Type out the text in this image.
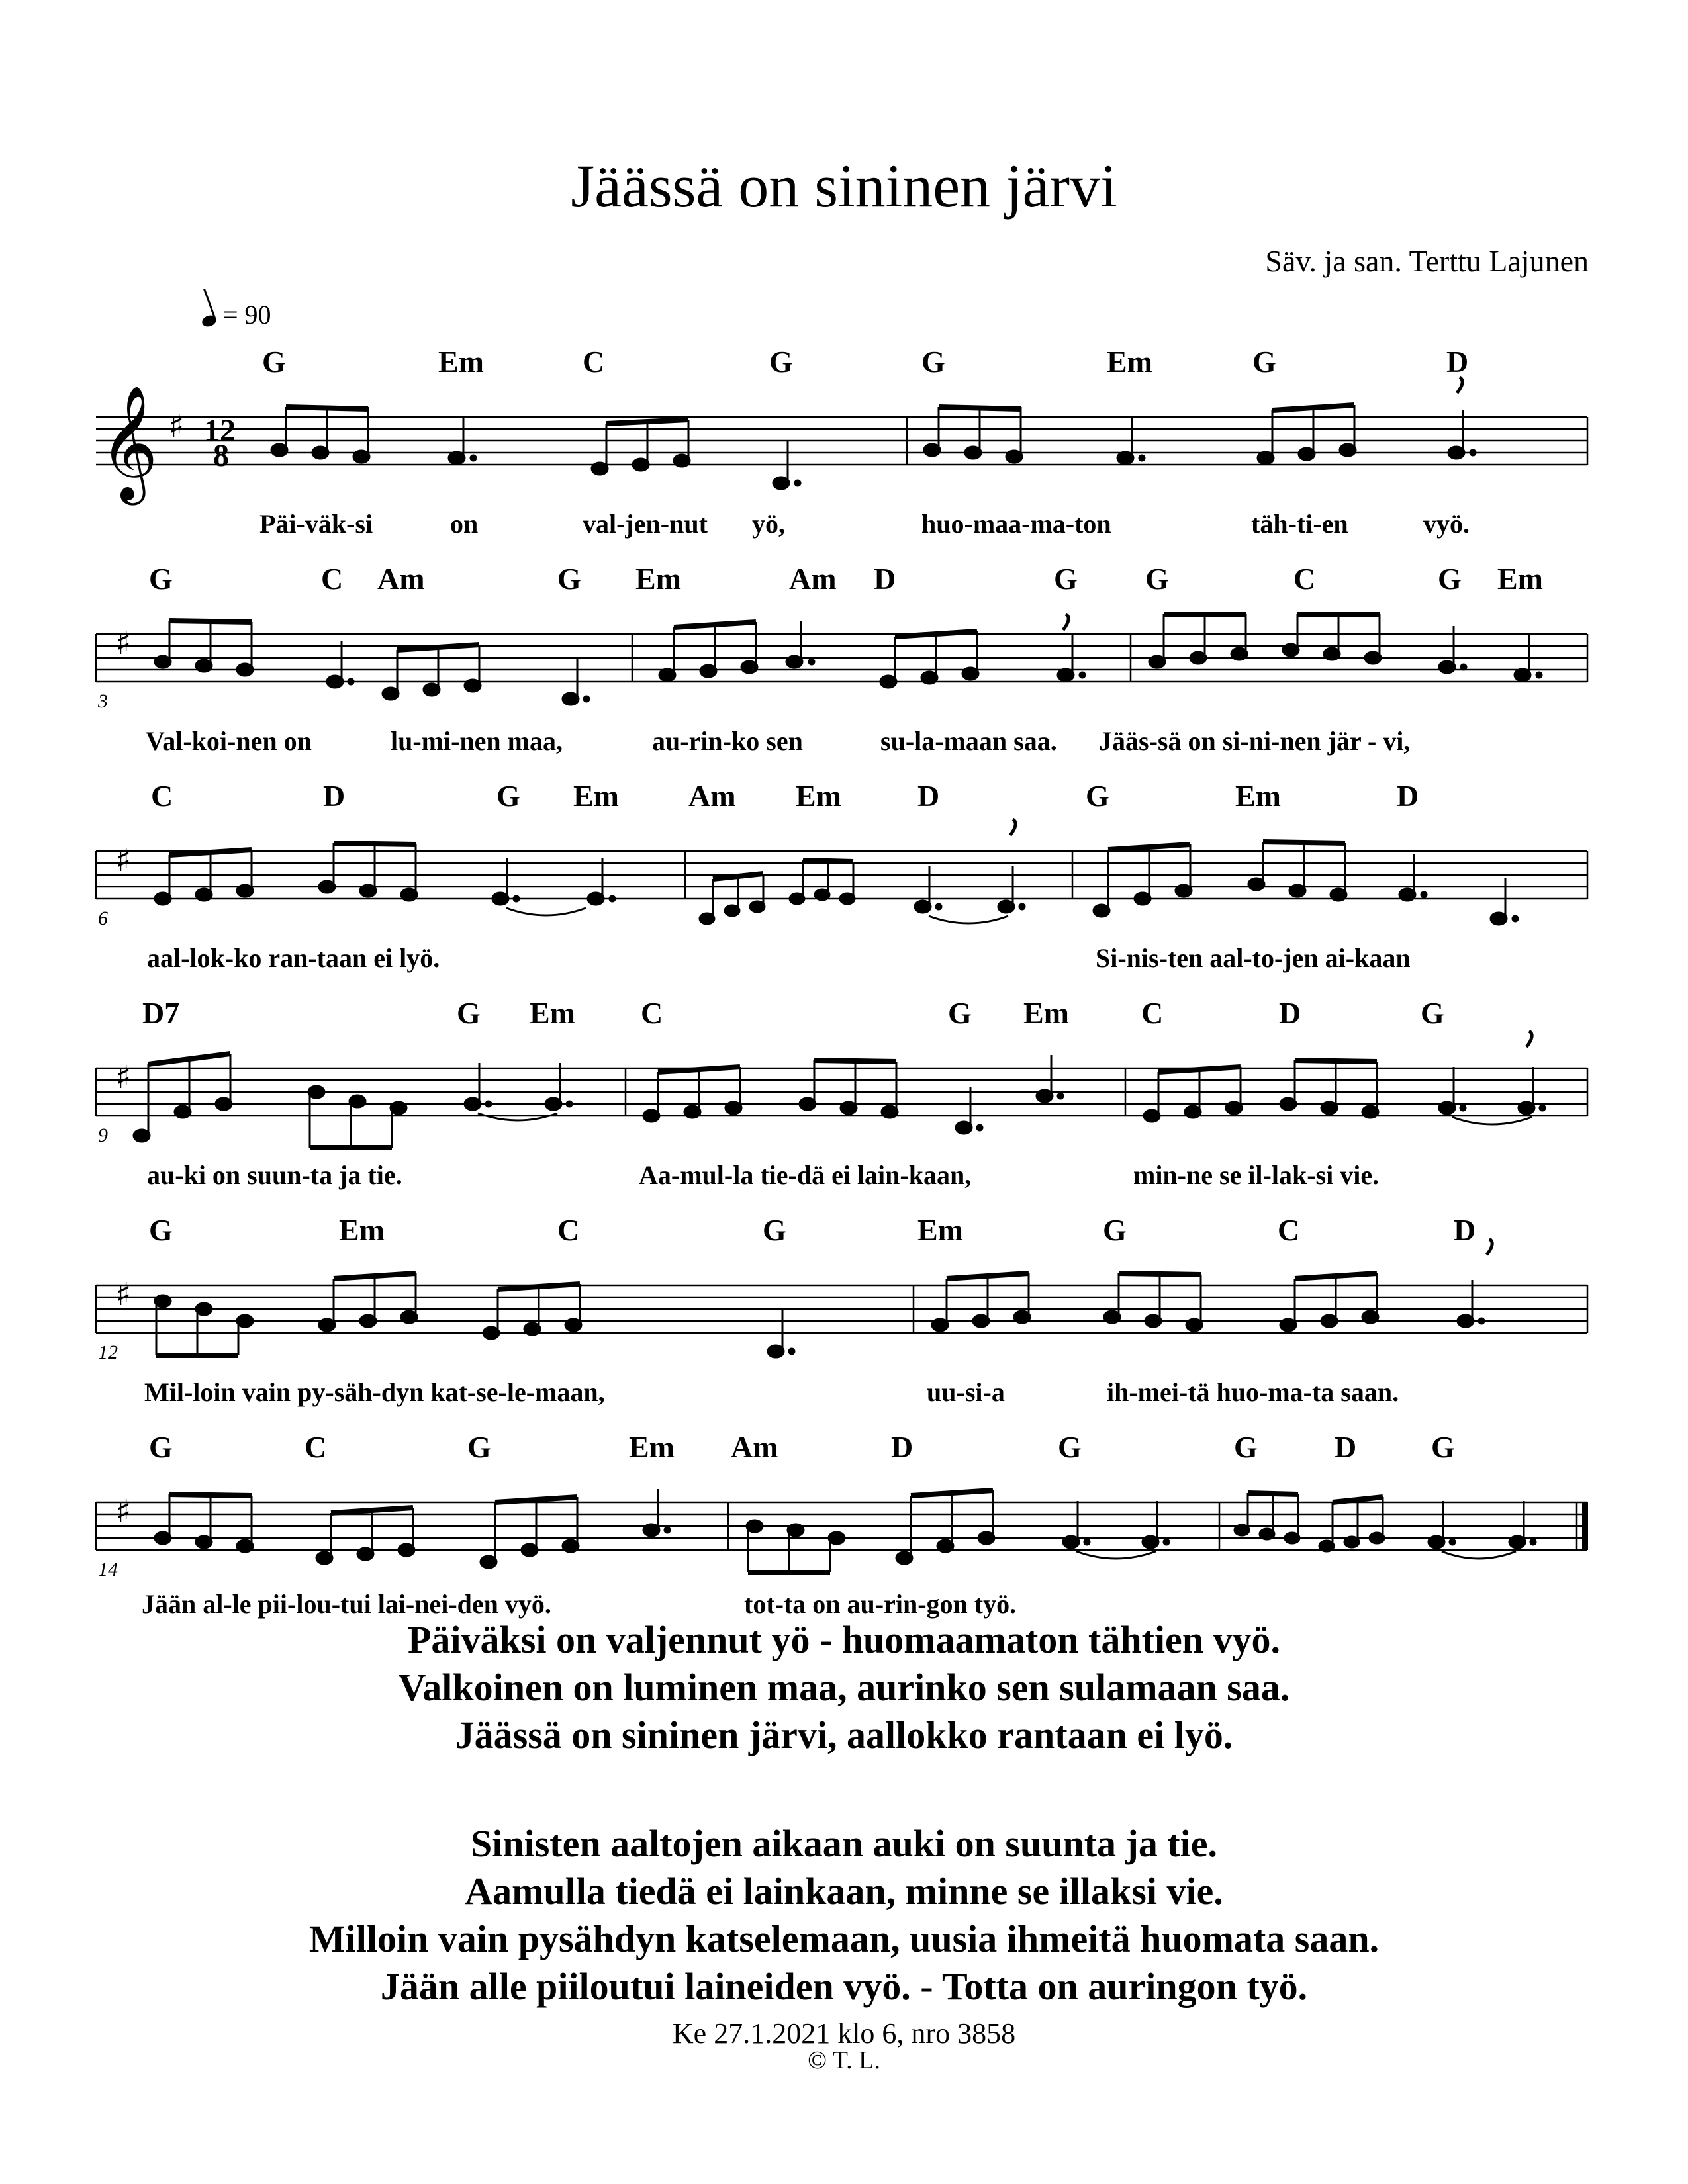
Jäässä on sininen järvi
Säv. ja san. Terttu Lajunen
= 90
G	Em	C	G	G	Em	G	D
𝄞 ♯ 12
8
Päi-väk-si	on	val-jen-nut yö,	huo-maa-ma-ton	täh-ti-en	vyö.
G	C Am	G Em	Am D	G G	C	G Em
♯
3
Val-koi-nen on	lu-mi-nen maa,	au-rin-ko sen	su-la-maan saa. Jääs-sä on si-ni-nen jär - vi,
C	D	G Em Am Em	D	G	Em	D
♯
6
aal-lok-ko ran-taan ei lyö.	Si-nis-ten aal-to-jen ai-kaan
D7	G Em C	G Em C	D	G
♯
9
au-ki on suun-ta ja tie.	Aa-mul-la tie-dä ei lain-kaan,	min-ne se il-lak-si vie.
G	Em	C	G	Em	G	C	D
♯
12
Mil-loin vain py-säh-dyn kat-se-le-maan,	uu-si-a	ih-mei-tä huo-ma-ta saan.
G	C	G	Em Am	D	G	G	D G
♯
14
Jään al-le pii-lou-tui lai-nei-den vyö.	tot-ta on au-rin-gon työ.
Päiväksi on valjennut yö - huomaamaton tähtien vyö.
Valkoinen on luminen maa, aurinko sen sulamaan saa.
Jäässä on sininen järvi, aallokko rantaan ei lyö.
Sinisten aaltojen aikaan auki on suunta ja tie.
Aamulla tiedä ei lainkaan, minne se illaksi vie.
Milloin vain pysähdyn katselemaan, uusia ihmeitä huomata saan.
Jään alle piiloutui laineiden vyö. - Totta on auringon työ.
Ke 27.1.2021 klo 6, nro 3858
© T. L.
